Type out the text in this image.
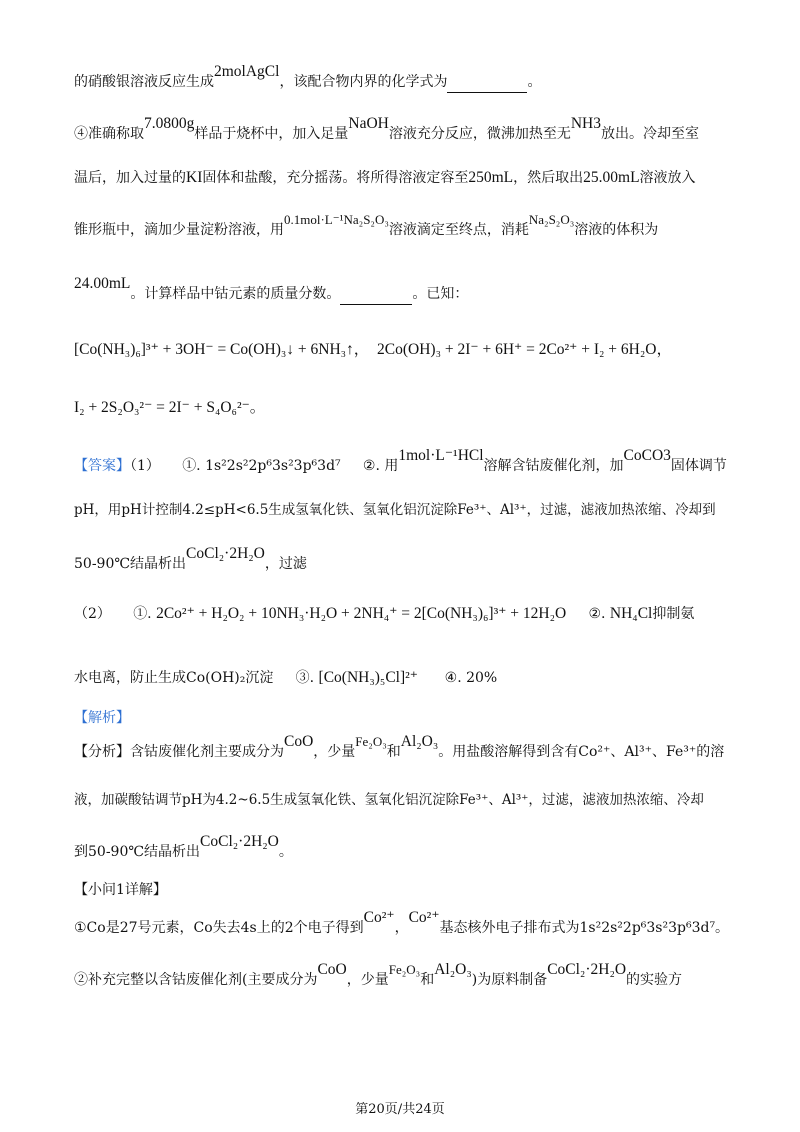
的硝酸银溶液反应生成2molAgCl，该配合物内界的化学式为	。
④准确称取7.0800g样品于烧杯中，加入足量NaOH溶液充分反应，微沸加热至无NH3放出。冷却至室
温后，加入过量的KI固体和盐酸，充分摇荡。将所得溶液定容至250mL，然后取出25.00mL溶液放入
锥形瓶中，滴加少量淀粉溶液，用0.1mol·L⁻¹Na₂S₂O₃溶液滴定至终点，消耗Na₂S₂O₃溶液的体积为
24.00mL。计算样品中钴元素的质量分数。	。已知：
[Co(NH₃)₆]³⁺ + 3OH⁻ = Co(OH)₃↓ + 6NH₃↑， 2Co(OH)₃ + 2I⁻ + 6H⁺ = 2Co²⁺ + I₂ + 6H₂O，
I₂ + 2S₂O₃²⁻ = 2I⁻ + S₄O₆²⁻。
【答案】（1） ①. 1s²2s²2p⁶3s²3p⁶3d⁷ ②. 用1mol·L⁻¹HCl溶解含钴废催化剂，加CoCO3固体调节
pH，用pH计控制4.2≤pH<6.5生成氢氧化铁、氢氧化铝沉淀除Fe³⁺、Al³⁺，过滤，滤液加热浓缩、冷却到
50-90℃结晶析出CoCl₂·2H₂O，过滤
（2） ①. 2Co²⁺ + H₂O₂ + 10NH₃·H₂O + 2NH₄⁺ = 2[Co(NH₃)₆]³⁺ + 12H₂O ②. NH₄Cl抑制氨
水电离，防止生成Co(OH)₂沉淀 ③. [Co(NH₃)₅Cl]²⁺ ④. 20%
【解析】
【分析】含钴废催化剂主要成分为CoO，少量Fe₂O₃和Al₂O₃。用盐酸溶解得到含有Co²⁺、Al³⁺、Fe³⁺的溶
液，加碳酸钴调节pH为4.2~6.5生成氢氧化铁、氢氧化铝沉淀除Fe³⁺、Al³⁺，过滤，滤液加热浓缩、冷却
到50-90℃结晶析出CoCl₂·2H₂O。
【小问1详解】
①Co是27号元素，Co失去4s上的2个电子得到Co²⁺，Co²⁺基态核外电子排布式为1s²2s²2p⁶3s²3p⁶3d⁷。
②补充完整以含钴废催化剂(主要成分为CoO，少量Fe₂O₃和Al₂O₃)为原料制备CoCl₂·2H₂O的实验方
第20页/共24页
